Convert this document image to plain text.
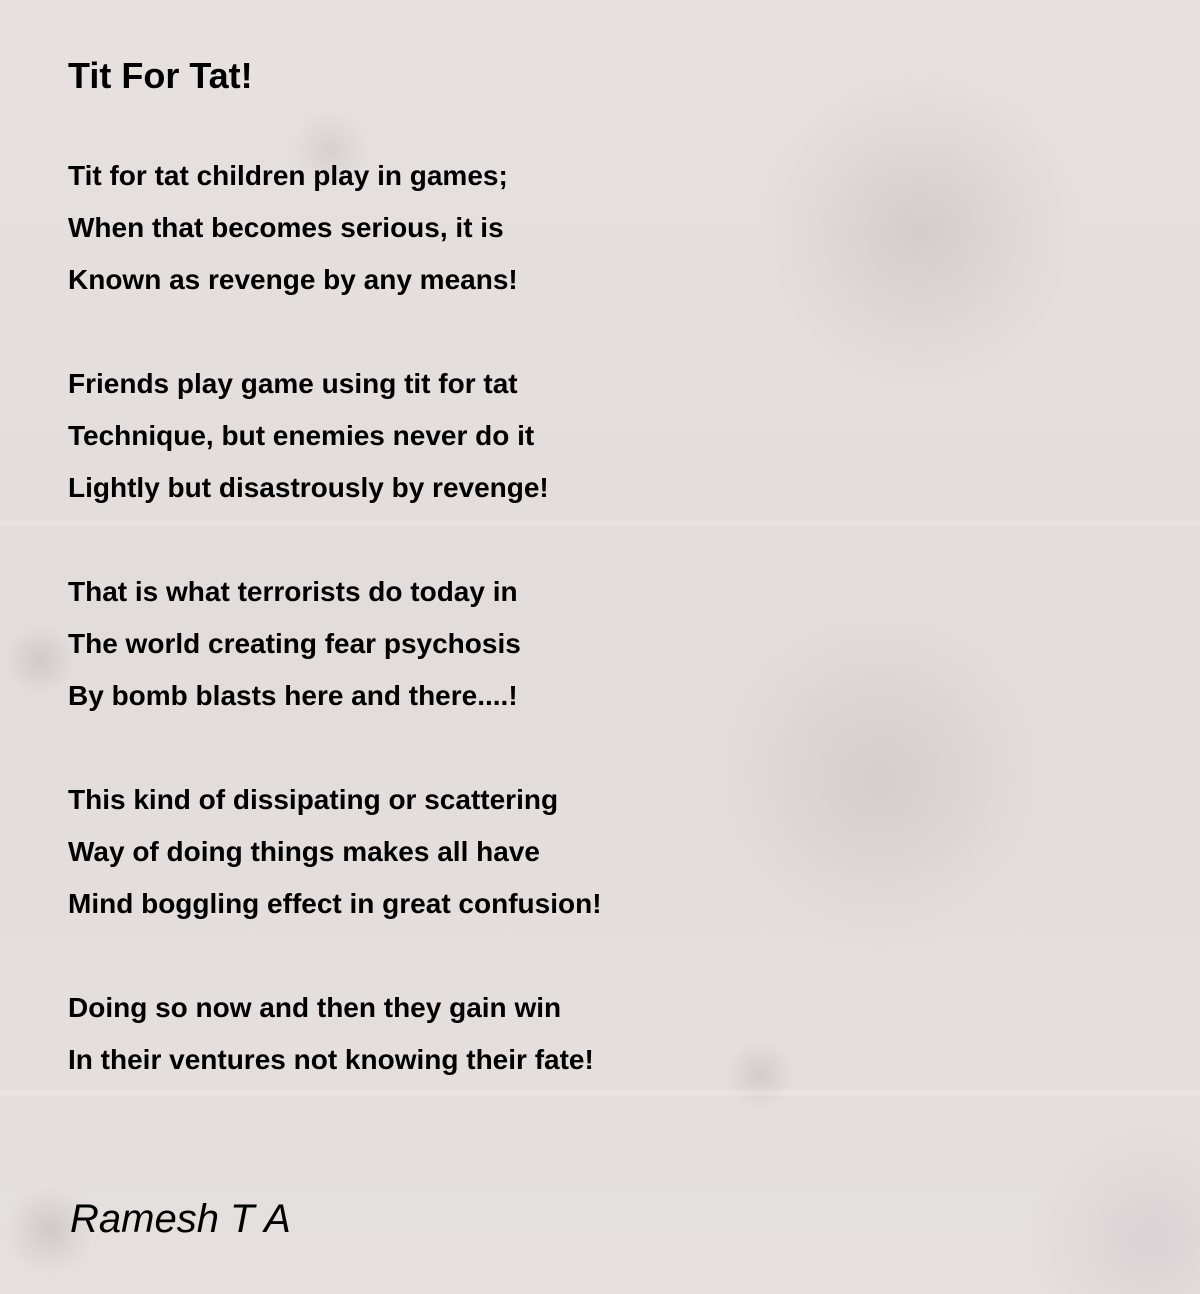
Tit For Tat!

Tit for tat children play in games;
When that becomes serious, it is
Known as revenge by any means!

Friends play game using tit for tat
Technique, but enemies never do it
Lightly but disastrously by revenge!

That is what terrorists do today in
The world creating fear psychosis
By bomb blasts here and there....!

This kind of dissipating or scattering
Way of doing things makes all have
Mind boggling effect in great confusion!

Doing so now and then they gain win
In their ventures not knowing their fate!

Ramesh T A
